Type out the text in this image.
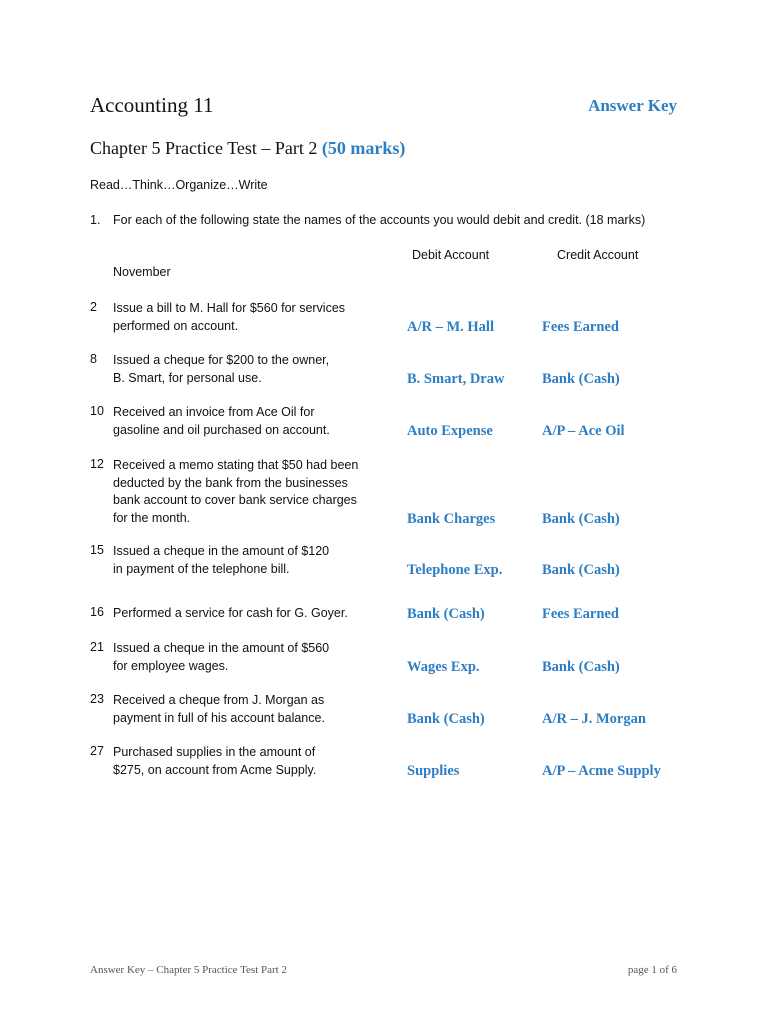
Accounting 11	Answer Key
Chapter 5 Practice Test – Part 2 (50 marks)
Read…Think…Organize…Write
1. For each of the following state the names of the accounts you would debit and credit. (18 marks)
Debit Account	Credit Account
November
2 Issue a bill to M. Hall for $560 for services
performed on account.	A/R – M. Hall	Fees Earned
8 Issued a cheque for $200 to the owner,
B. Smart, for personal use.	B. Smart, Draw	Bank (Cash)
10 Received an invoice from Ace Oil for
gasoline and oil purchased on account.	Auto Expense	A/P – Ace Oil
12 Received a memo stating that $50 had been
deducted by the bank from the businesses
bank account to cover bank service charges
for the month.	Bank Charges	Bank (Cash)
15 Issued a cheque in the amount of $120
in payment of the telephone bill.	Telephone Exp.	Bank (Cash)
16 Performed a service for cash for G. Goyer.	Bank (Cash)	Fees Earned
21 Issued a cheque in the amount of $560
for employee wages.	Wages Exp.	Bank (Cash)
23 Received a cheque from J. Morgan as
payment in full of his account balance.	Bank (Cash)	A/R – J. Morgan
27 Purchased supplies in the amount of
$275, on account from Acme Supply.	Supplies	A/P – Acme Supply
Answer Key – Chapter 5 Practice Test Part 2	page 1 of 6
